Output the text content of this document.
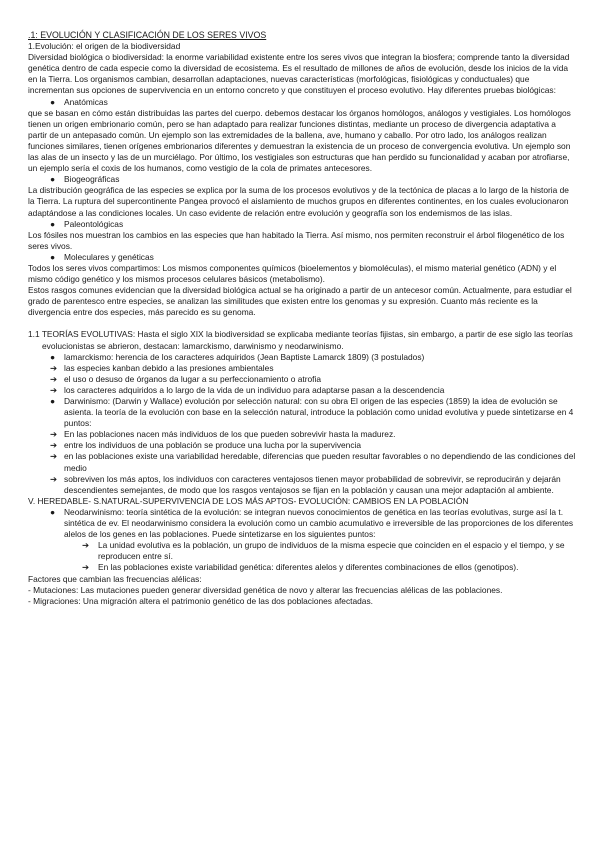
.1: EVOLUCIÓN Y CLASIFICACIÓN DE LOS SERES VIVOS

1.Evolución: el origen de la biodiversidad

Diversidad biológica o biodiversidad: la enorme variabilidad existente entre los seres vivos que integran la biosfera; comprende tanto la diversidad genética dentro de cada especie como la diversidad de ecosistema. Es el resultado de millones de años de evolución, desde los inicios de la vida en la Tierra. Los organismos cambian, desarrollan adaptaciones, nuevas características (morfológicas, fisiológicas y conductuales) que incrementan sus opciones de supervivencia en un entorno concreto y que constituyen el proceso evolutivo. Hay diferentes pruebas biológicas:

● Anatómicas

que se basan en cómo están distribuidas las partes del cuerpo. debemos destacar los órganos homólogos, análogos y vestigiales. Los homólogos tienen un origen embrionario común, pero se han adaptado para realizar funciones distintas, mediante un proceso de divergencia adaptativa a partir de un antepasado común. Un ejemplo son las extremidades de la ballena, ave, humano y caballo. Por otro lado, los análogos realizan funciones similares, tienen orígenes embrionarios diferentes y demuestran la existencia de un proceso de convergencia evolutiva. Un ejemplo son las alas de un insecto y las de un murciélago. Por último, los vestigiales son estructuras que han perdido su funcionalidad y acaban por atrofiarse, un ejemplo sería el coxis de los humanos, como vestigio de la cola de primates antecesores.

● Biogeográficas

La distribución geográfica de las especies se explica por la suma de los procesos evolutivos y de la tectónica de placas a lo largo de la historia de la Tierra. La ruptura del supercontinente Pangea provocó el aislamiento de muchos grupos en diferentes continentes, en los cuales evolucionaron adaptándose a las condiciones locales. Un caso evidente de relación entre evolución y geografía son los endemismos de las islas.

● Paleontológicas

Los fósiles nos muestran los cambios en las especies que han habitado la Tierra. Así mismo, nos permiten reconstruir el árbol filogenético de los seres vivos.

● Moleculares y genéticas

Todos los seres vivos compartimos: Los mismos componentes químicos (bioelementos y biomoléculas), el mismo material genético (ADN) y el mismo código genético y los mismos procesos celulares básicos (metabolismo).

Estos rasgos comunes evidencian que la diversidad biológica actual se ha originado a partir de un antecesor común. Actualmente, para estudiar el grado de parentesco entre especies, se analizan las similitudes que existen entre los genomas y su expresión. Cuanto más reciente es la divergencia entre dos especies, más parecido es su genoma.

1.1 TEORÍAS EVOLUTIVAS: Hasta el siglo XIX la biodiversidad se explicaba mediante teorías fijistas, sin embargo, a partir de ese siglo las teorías evolucionistas se abrieron, destacan: lamarckismo, darwinismo y neodarwinismo.

● lamarckismo: herencia de los caracteres adquiridos (Jean Baptiste Lamarck 1809) (3 postulados)

➔ las especies kanban debido a las presiones ambientales

➔ el uso o desuso de órganos da lugar a su perfeccionamiento o atrofia

➔ los caracteres adquiridos a lo largo de la vida de un individuo para adaptarse pasan a la descendencia

● Darwinismo: (Darwin y Wallace) evolución por selección natural: con su obra El origen de las especies (1859) la idea de evolución se asienta. la teoría de la evolución con base en la selección natural, introduce la población como unidad evolutiva y puede sintetizarse en 4 puntos:

➔ En las poblaciones nacen más individuos de los que pueden sobrevivir hasta la madurez.

➔ entre los individuos de una población se produce una lucha por la supervivencia

➔ en las poblaciones existe una variabilidad heredable, diferencias que pueden resultar favorables o no dependiendo de las condiciones del medio

➔ sobreviven los más aptos, los individuos con caracteres ventajosos tienen mayor probabilidad de sobrevivir, se reproducirán y dejarán descendientes semejantes, de modo que los rasgos ventajosos se fijan en la población y causan una mejor adaptación al ambiente.

V. HEREDABLE- S.NATURAL-SUPERVIVENCIA DE LOS MÁS APTOS- EVOLUCIÓN: CAMBIOS EN LA POBLACIÓN

● Neodarwinismo: teoría sintética de la evolución: se integran nuevos conocimientos de genética en las teorías evolutivas, surge así la t. sintética de ev. El neodarwinismo considera la evolución como un cambio acumulativo e irreversible de las proporciones de los diferentes alelos de los genes en las poblaciones. Puede sintetizarse en los siguientes puntos:

➔ La unidad evolutiva es la población, un grupo de individuos de la misma especie que coinciden en el espacio y el tiempo, y se reproducen entre sí.

➔ En las poblaciones existe variabilidad genética: diferentes alelos y diferentes combinaciones de ellos (genotipos).

Factores que cambian las frecuencias alélicas:

- Mutaciones: Las mutaciones pueden generar diversidad genética de novo y alterar las frecuencias alélicas de las poblaciones.

- Migraciones: Una migración altera el patrimonio genético de las dos poblaciones afectadas.
